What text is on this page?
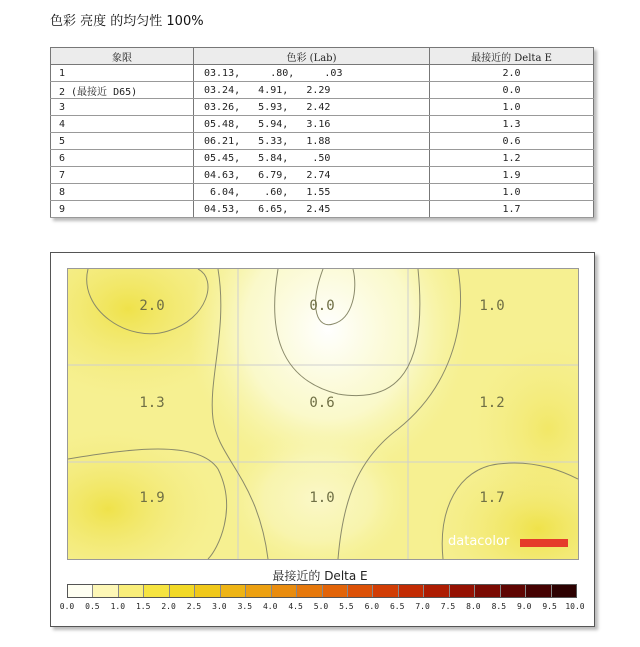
色彩 亮度 的均匀性 100%
象限	色彩 (Lab)	最接近的 Delta E
1	03.13,     .80,     .03	2.0
2 (最接近 D65)	03.24,   4.91,   2.29	0.0
3	03.26,   5.93,   2.42	1.0
4	05.48,   5.94,   3.16	1.3
5	06.21,   5.33,   1.88	0.6
6	05.45,   5.84,    .50	1.2
7	04.63,   6.79,   2.74	1.9
8	6.04,    .60,   1.55	1.0
9	04.53,   6.65,   2.45	1.7
2.0	0.0	1.0
1.3	0.6	1.2
1.9	1.0	1.7
datacolor
最接近的 Delta E
0.0	0.5	1.0	1.5	2.0	2.5	3.0	3.5	4.0	4.5	5.0	5.5	6.0	6.5	7.0	7.5	8.0	8.5	9.0	9.5	10.0
